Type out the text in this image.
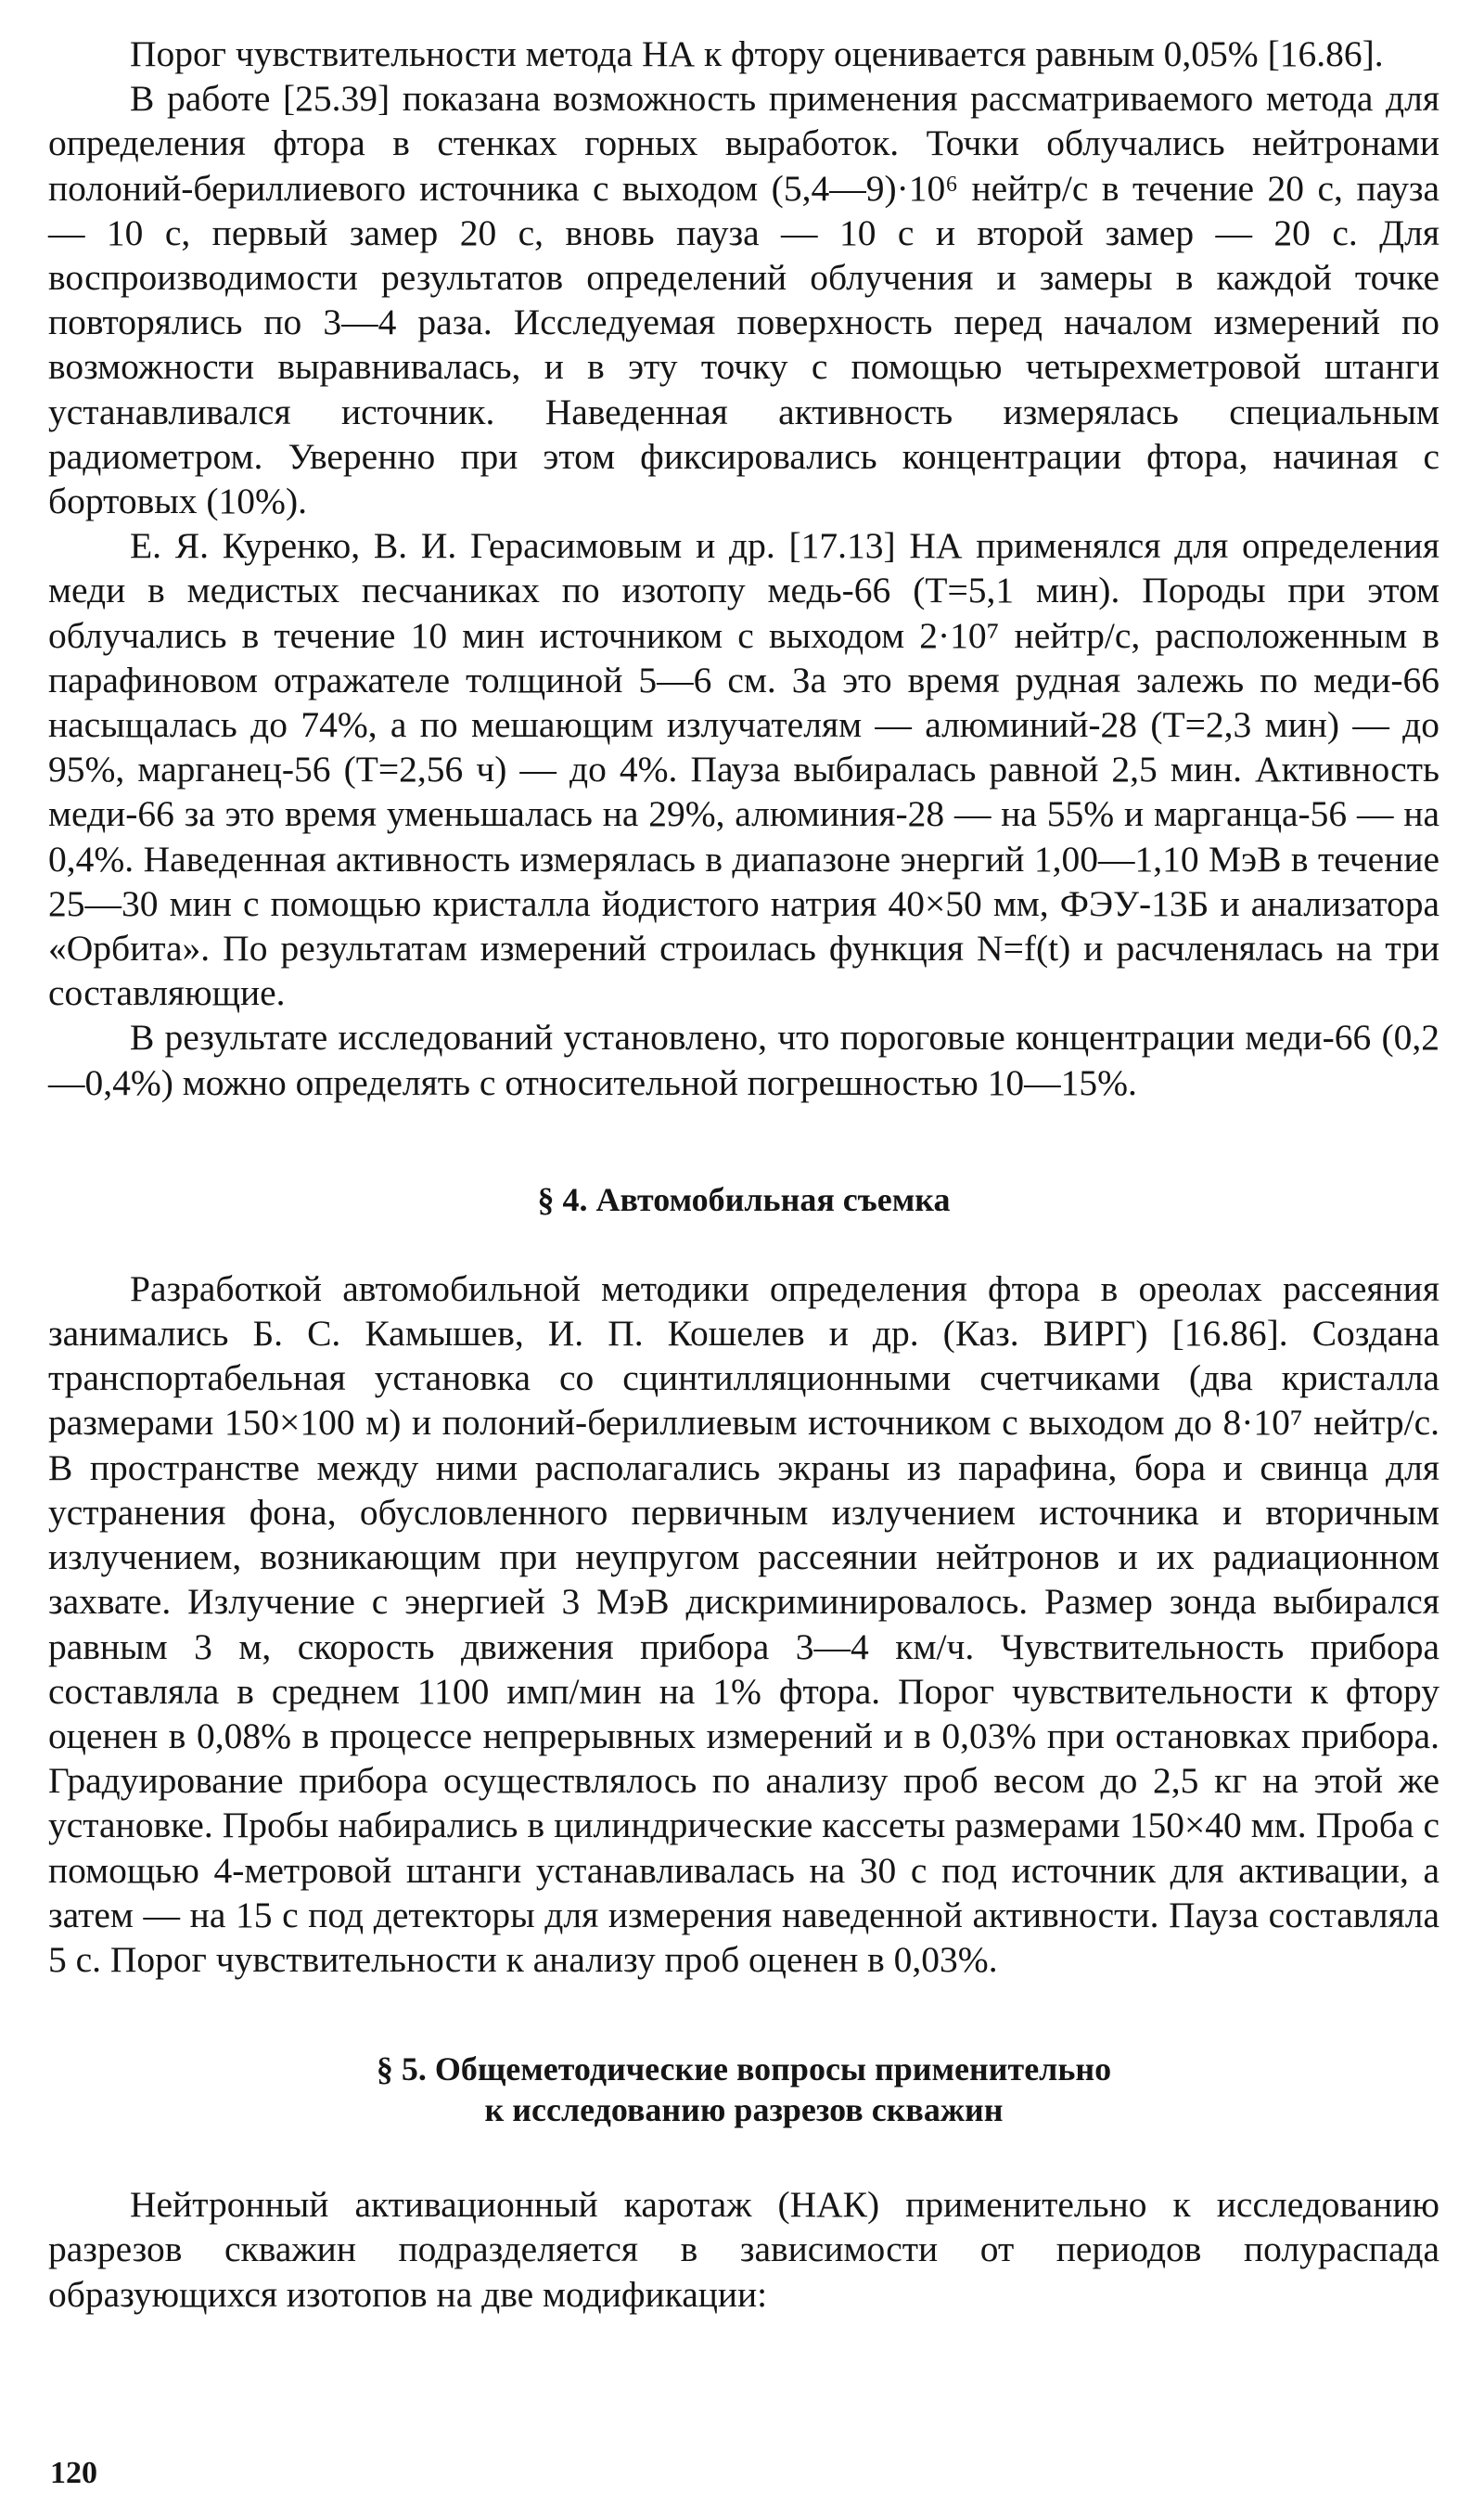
Порог чувствительности метода НА к фтору оценивается равным 0,05% [16.86].

В работе [25.39] показана возможность применения рассматриваемого метода для определения фтора в стенках горных выработок. Точки облучались нейтронами полоний-бериллиевого источника с выходом (5,4—9)·10⁶ нейтр/с в течение 20 с, пауза — 10 с, первый замер 20 с, вновь пауза — 10 с и второй замер — 20 с. Для воспроизводимости результатов определений облучения и замеры в каждой точке повторялись по 3—4 раза. Исследуемая поверхность перед началом измерений по возможности выравнивалась, и в эту точку с помощью четырехметровой штанги устанавливался источник. Наведенная активность измерялась специальным радиометром. Уверенно при этом фиксировались концентрации фтора, начиная с бортовых (10%).

Е. Я. Куренко, В. И. Герасимовым и др. [17.13] НА применялся для определения меди в медистых песчаниках по изотопу медь-66 (T=5,1 мин). Породы при этом облучались в течение 10 мин источником с выходом 2·10⁷ нейтр/с, расположенным в парафиновом отражателе толщиной 5—6 см. За это время рудная залежь по меди-66 насыщалась до 74%, а по мешающим излучателям — алюминий-28 (T=2,3 мин) — до 95%, марганец-56 (T=2,56 ч) — до 4%. Пауза выбиралась равной 2,5 мин. Активность меди-66 за это время уменьшалась на 29%, алюминия-28 — на 55% и марганца-56 — на 0,4%. Наведенная активность измерялась в диапазоне энергий 1,00—1,10 МэВ в течение 25—30 мин с помощью кристалла йодистого натрия 40×50 мм, ФЭУ-13Б и анализатора «Орбита». По результатам измерений строилась функция N=f(t) и расчленялась на три составляющие.

В результате исследований установлено, что пороговые концентрации меди-66 (0,2—0,4%) можно определять с относительной погрешностью 10—15%.

§ 4. Автомобильная съемка

Разработкой автомобильной методики определения фтора в ореолах рассеяния занимались Б. С. Камышев, И. П. Кошелев и др. (Каз. ВИРГ) [16.86]. Создана транспортабельная установка со сцинтилляционными счетчиками (два кристалла размерами 150×100 м) и полоний-бериллиевым источником с выходом до 8·10⁷ нейтр/с. В пространстве между ними располагались экраны из парафина, бора и свинца для устранения фона, обусловленного первичным излучением источника и вторичным излучением, возникающим при неупругом рассеянии нейтронов и их радиационном захвате. Излучение с энергией 3 МэВ дискриминировалось. Размер зонда выбирался равным 3 м, скорость движения прибора 3—4 км/ч. Чувствительность прибора составляла в среднем 1100 имп/мин на 1% фтора. Порог чувствительности к фтору оценен в 0,08% в процессе непрерывных измерений и в 0,03% при остановках прибора. Градуирование прибора осуществлялось по анализу проб весом до 2,5 кг на этой же установке. Пробы набирались в цилиндрические кассеты размерами 150×40 мм. Проба с помощью 4-метровой штанги устанавливалась на 30 с под источник для активации, а затем — на 15 с под детекторы для измерения наведенной активности. Пауза составляла 5 с. Порог чувствительности к анализу проб оценен в 0,03%.

§ 5. Общеметодические вопросы применительно
к исследованию разрезов скважин

Нейтронный активационный каротаж (НАК) применительно к исследованию разрезов скважин подразделяется в зависимости от периодов полураспада образующихся изотопов на две модификации:

120
